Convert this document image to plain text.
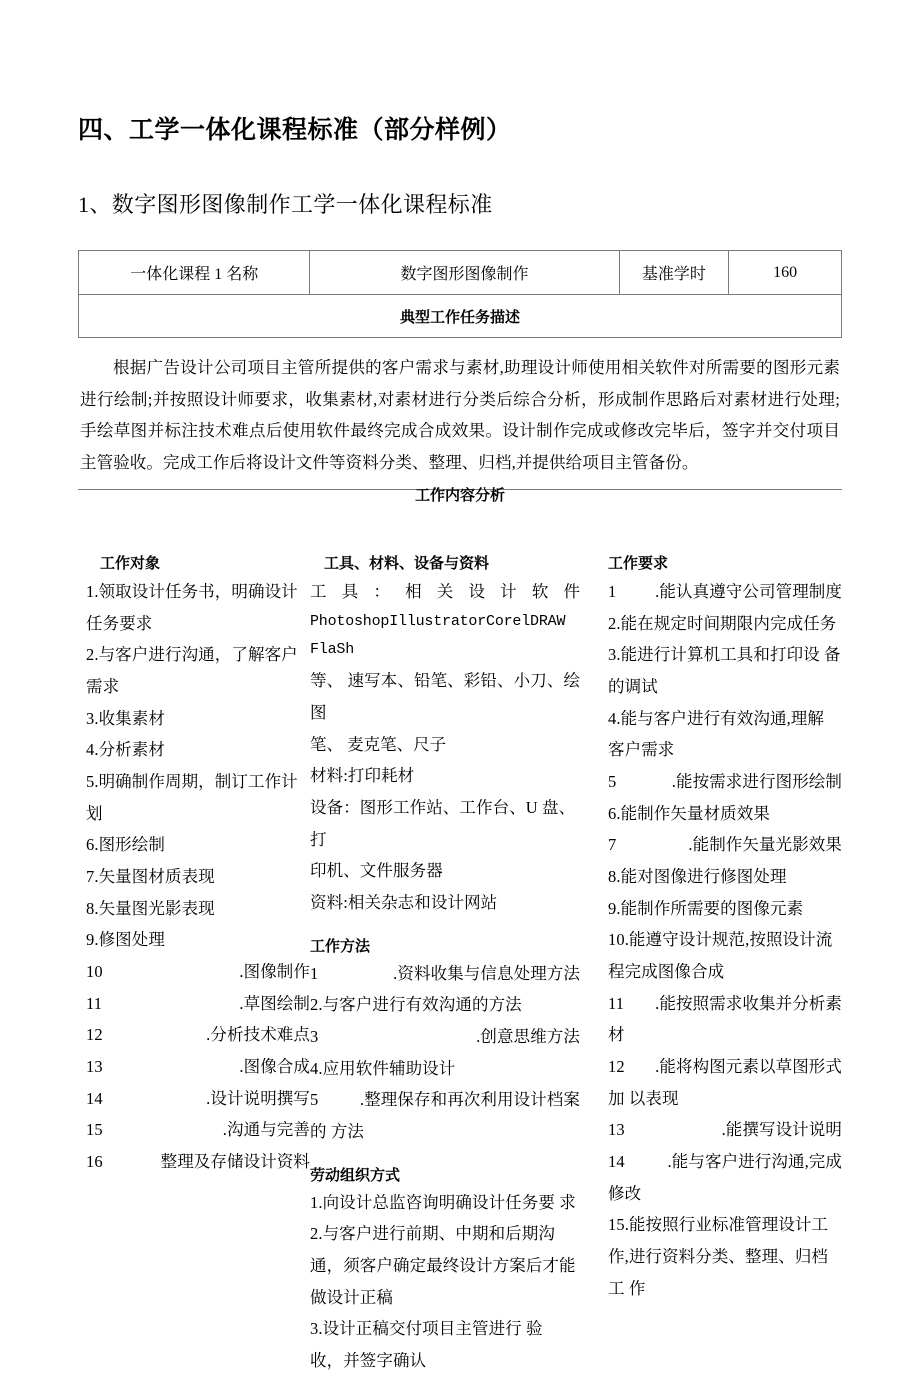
四、工学一体化课程标准（部分样例）
1、数字图形图像制作工学一体化课程标准
一体化课程 1 名称	数字图形图像制作	基准学时	160
典型工作任务描述
根据广告设计公司项目主管所提供的客户需求与素材,助理设计师使用相关软件对所需要的图形元素进行绘制;并按照设计师要求，收集素材,对素材进行分类后综合分析，形成制作思路后对素材进行处理;手绘草图并标注技术难点后使用软件最终完成合成效果。设计制作完成或修改完毕后，签字并交付项目主管验收。完成工作后将设计文件等资料分类、整理、归档,并提供给项目主管备份。
工作内容分析
工作对象
1.领取设计任务书，明确设计任务要求
2.与客户进行沟通，了解客户需求
3.收集素材
4.分析素材
5.明确制作周期，制订工作计划
6.图形绘制
7.矢量图材质表现
8.矢量图光影表现
9.修图处理
10	.图像制作
11	.草图绘制
12	.分析技术难点
13	.图像合成
14	.设计说明撰写
15	.沟通与完善
16	整理及存储设计资料
工具、材料、设备与资料
工 具 ： 相 关 设 计 软 件
PhotoshopIllustratorCorelDRAW FlaSh
等、 速写本、铅笔、彩铅、小刀、绘图
笔、 麦克笔、尺子
材料:打印耗材
设备：图形工作站、工作台、U 盘、打
印机、文件服务器
资料:相关杂志和设计网站
工作方法
1	.资料收集与信息处理方法
2.与客户进行有效沟通的方法
3	.创意思维方法
4.应用软件辅助设计
5	.整理保存和再次利用设计档案
的 方法
劳动组织方式
1.向设计总监咨询明确设计任务要 求
2.与客户进行前期、中期和后期沟 通，须客户确定最终设计方案后才能 做设计正稿
3.设计正稿交付项目主管进行 验 收，并签字确认
工作要求
1 .能认真遵守公司管理制度
2.能在规定时间期限内完成任务
3.能进行计算机工具和打印设 备的调试
4.能与客户进行有效沟通,理解 客户需求
5	.能按需求进行图形绘制
6.能制作矢量材质效果
7	.能制作矢量光影效果
8.能对图像进行修图处理
9.能制作所需要的图像元素
10.能遵守设计规范,按照设计流 程完成图像合成
11 .能按照需求收集并分析素
材
12 .能将构图元素以草图形式
加 以表现
13	.能撰写设计说明
14	.能与客户进行沟通,完成
修改
15.能按照行业标准管理设计工 作,进行资料分类、整理、归档工 作
